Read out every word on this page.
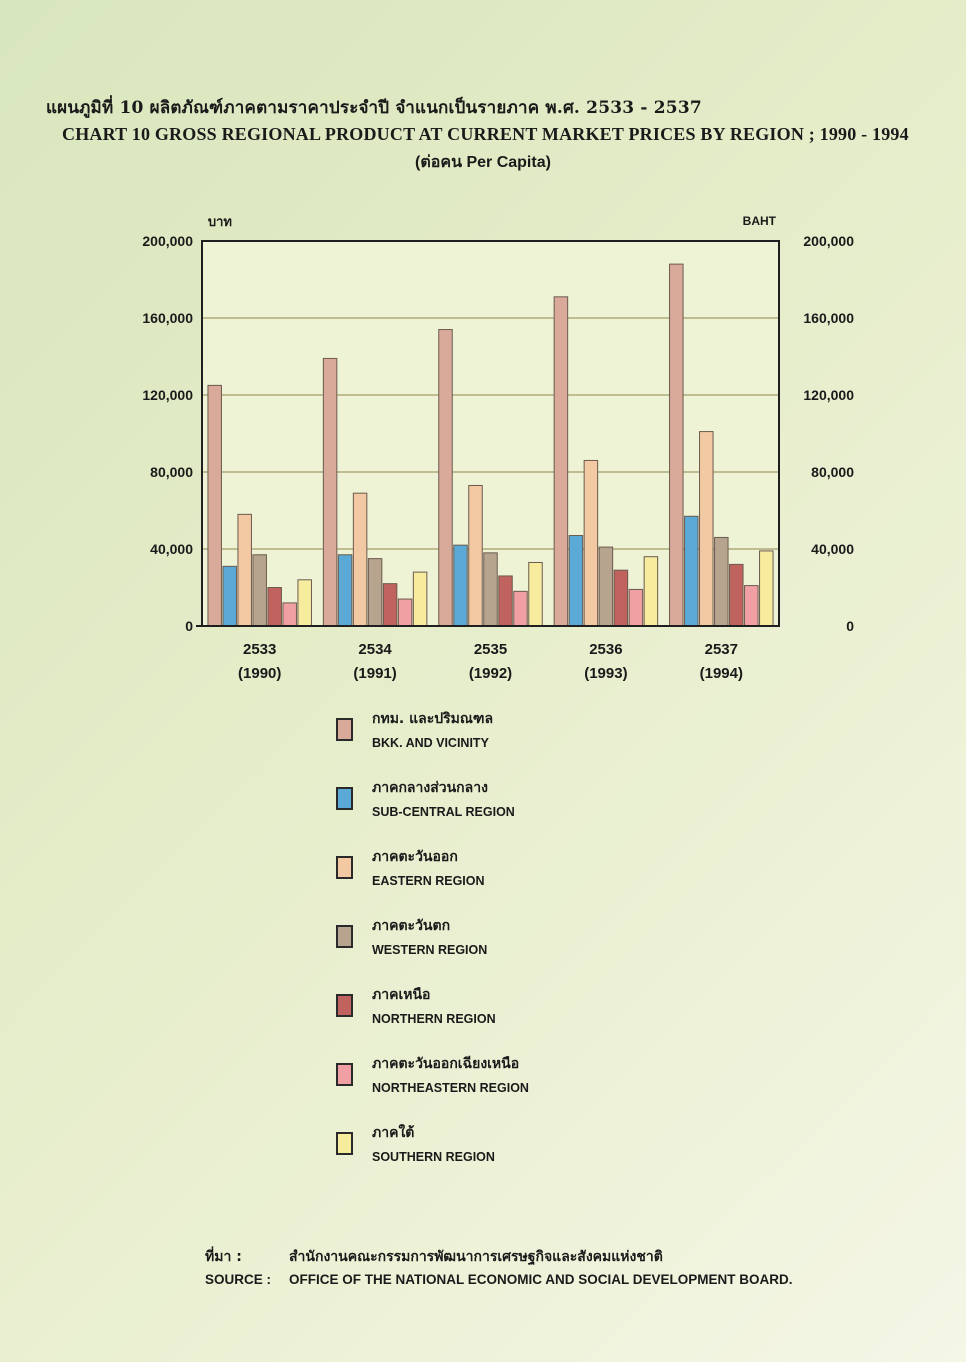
แผนภูมิที่ 10 ผลิตภัณฑ์ภาคตามราคาประจำปี จำแนกเป็นรายภาค พ.ศ. 2533 - 2537
CHART 10 GROSS REGIONAL PRODUCT AT CURRENT MARKET PRICES BY REGION ; 1990 - 1994
(ต่อคน Per Capita)
0	0
40,000	40,000
80,000	80,000
120,000	120,000
160,000	160,000
200,000	200,000
บาท	BAHT
2533
(1990)
2534
(1991)
2535
(1992)
2536
(1993)
2537
(1994)
กทม. และปริมณฑล
BKK. AND VICINITY
ภาคกลางส่วนกลาง
SUB-CENTRAL REGION
ภาคตะวันออก
EASTERN REGION
ภาคตะวันตก
WESTERN REGION
ภาคเหนือ
NORTHERN REGION
ภาคตะวันออกเฉียงเหนือ
NORTHEASTERN REGION
ภาคใต้
SOUTHERN REGION
ที่มา :	สำนักงานคณะกรรมการพัฒนาการเศรษฐกิจและสังคมแห่งชาติ
SOURCE : OFFICE OF THE NATIONAL ECONOMIC AND SOCIAL DEVELOPMENT BOARD.
